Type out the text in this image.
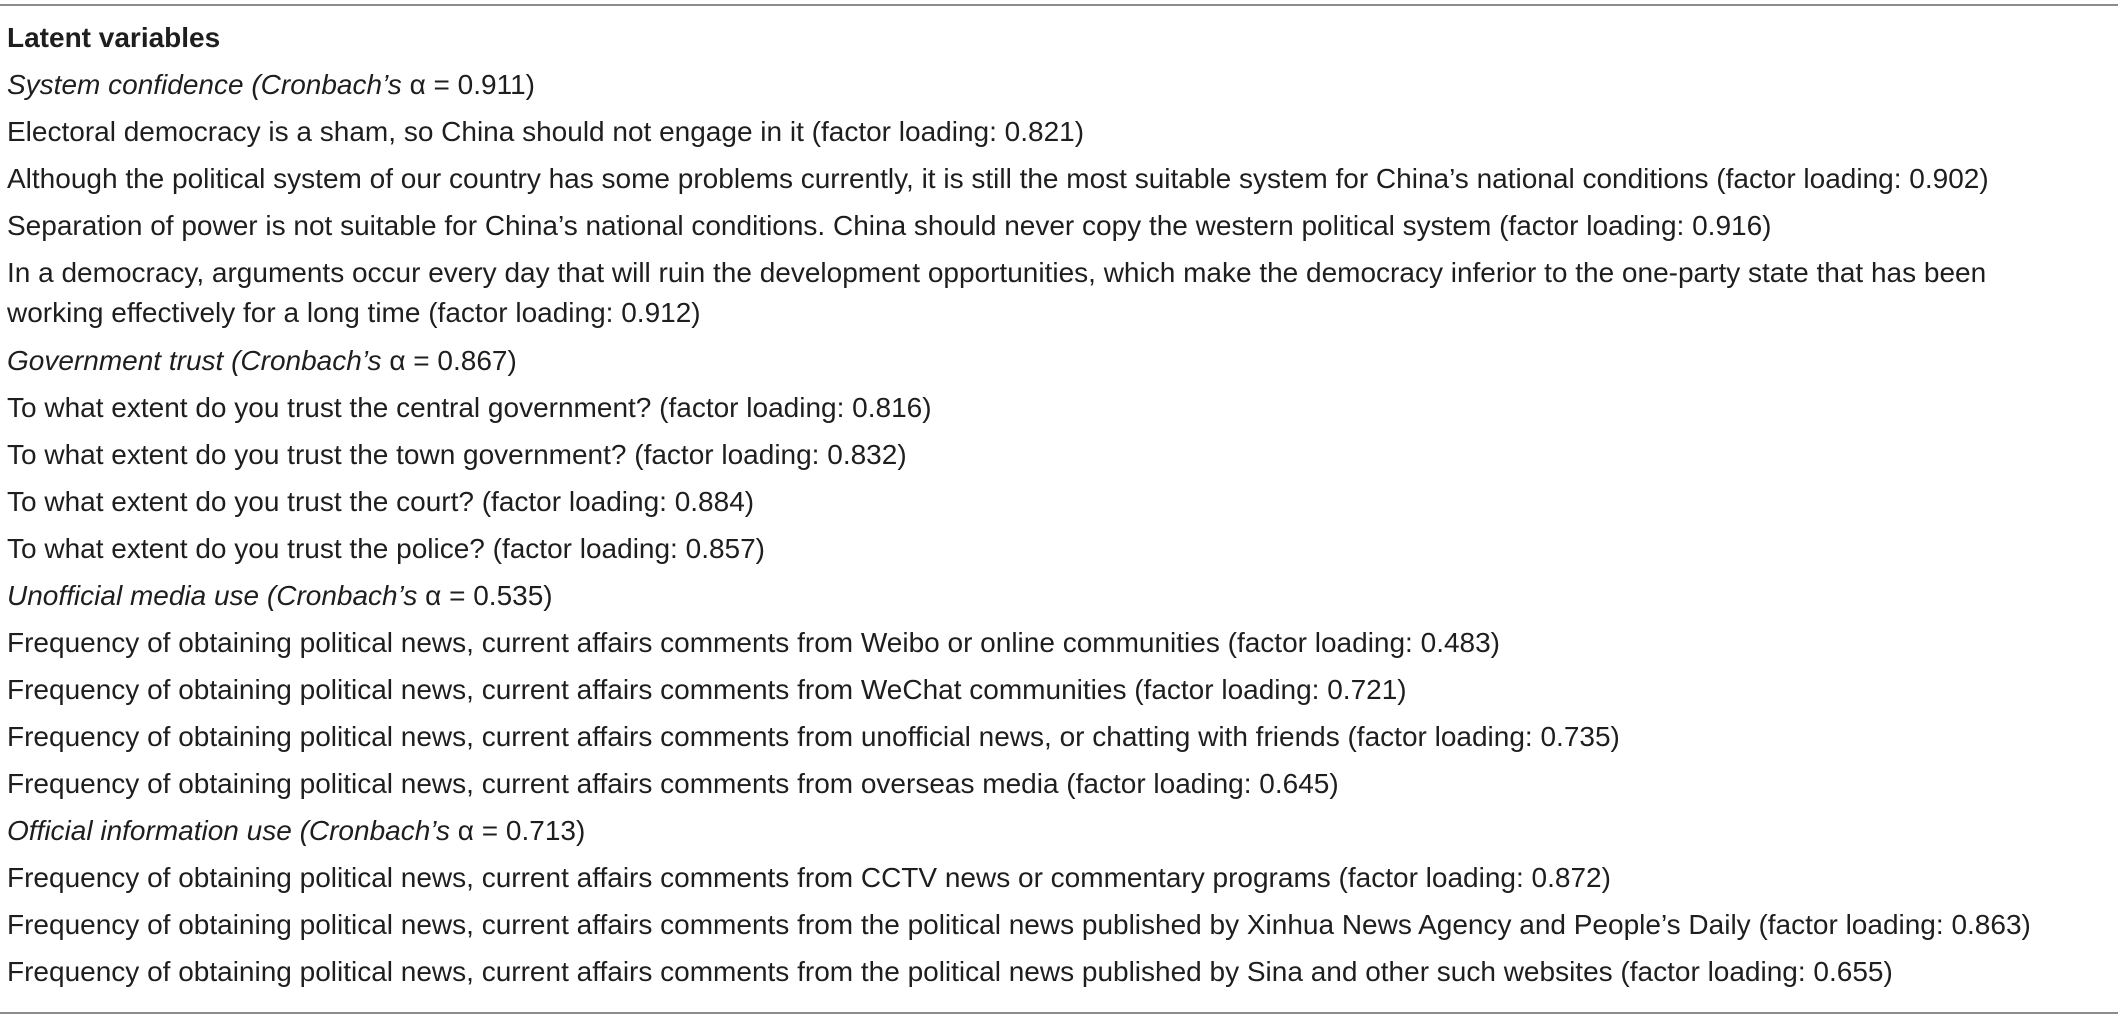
Latent variables
System confidence (Cronbach’s α = 0.911)
Electoral democracy is a sham, so China should not engage in it (factor loading: 0.821)
Although the political system of our country has some problems currently, it is still the most suitable system for China’s national conditions (factor loading: 0.902)
Separation of power is not suitable for China’s national conditions. China should never copy the western political system (factor loading: 0.916)
In a democracy, arguments occur every day that will ruin the development opportunities, which make the democracy inferior to the one-party state that has been working effectively for a long time (factor loading: 0.912)
Government trust (Cronbach’s α = 0.867)
To what extent do you trust the central government? (factor loading: 0.816)
To what extent do you trust the town government? (factor loading: 0.832)
To what extent do you trust the court? (factor loading: 0.884)
To what extent do you trust the police? (factor loading: 0.857)
Unofficial media use (Cronbach’s α = 0.535)
Frequency of obtaining political news, current affairs comments from Weibo or online communities (factor loading: 0.483)
Frequency of obtaining political news, current affairs comments from WeChat communities (factor loading: 0.721)
Frequency of obtaining political news, current affairs comments from unofficial news, or chatting with friends (factor loading: 0.735)
Frequency of obtaining political news, current affairs comments from overseas media (factor loading: 0.645)
Official information use (Cronbach’s α = 0.713)
Frequency of obtaining political news, current affairs comments from CCTV news or commentary programs (factor loading: 0.872)
Frequency of obtaining political news, current affairs comments from the political news published by Xinhua News Agency and People’s Daily (factor loading: 0.863)
Frequency of obtaining political news, current affairs comments from the political news published by Sina and other such websites (factor loading: 0.655)
